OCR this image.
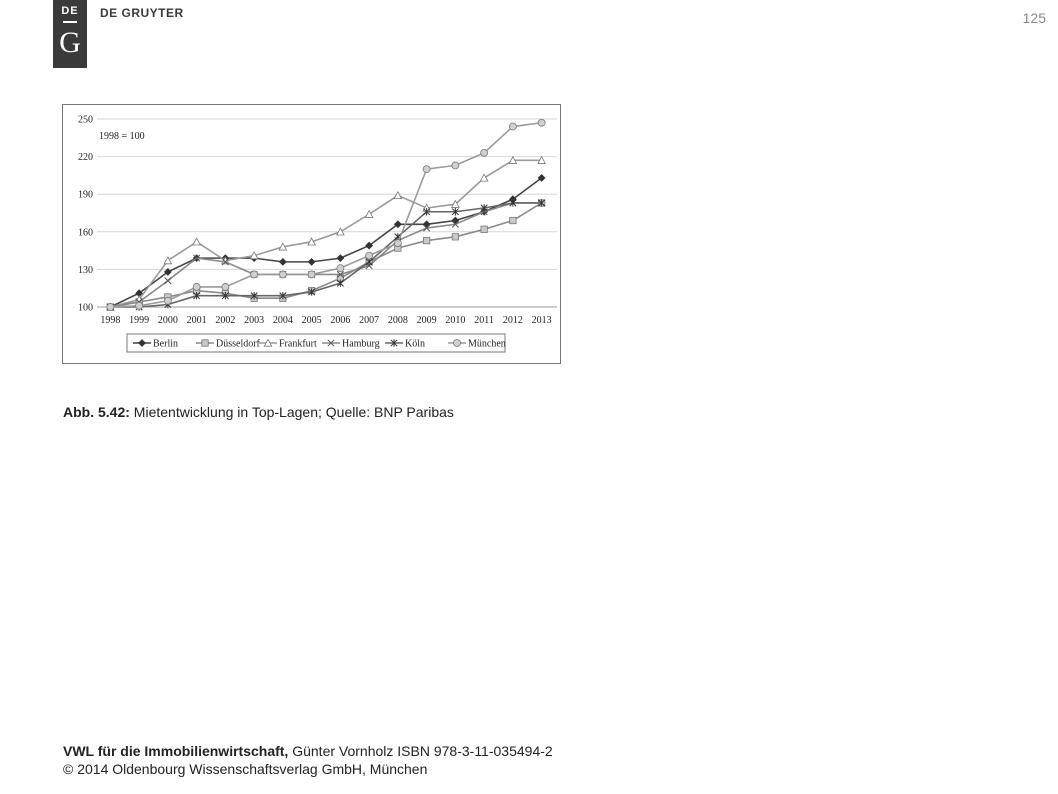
DE
G
DE GRUYTER	125
100
130
160
190
220
250
1998 1999 2000 2001 2002 2003 2004 2005 2006 2007 2008 2009 2010 2011 2012 2013
1998 = 100
Berlin	Düsseldorf Frankfurt	Hamburg	Köln	München
Abb. 5.42: Mietentwicklung in Top-Lagen; Quelle: BNP Paribas
VWL für die Immobilienwirtschaft, Günter Vornholz ISBN 978-3-11-035494-2
© 2014 Oldenbourg Wissenschaftsverlag GmbH, München
